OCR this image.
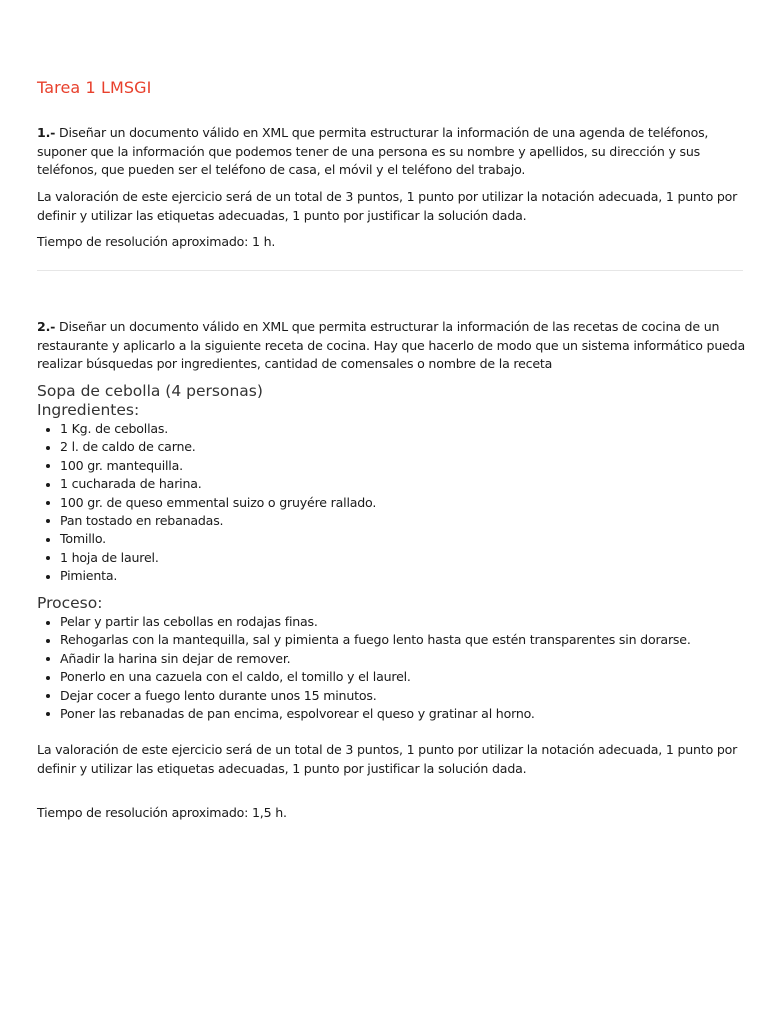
Tarea 1 LMSGI

1.- Diseñar un documento válido en XML que permita estructurar la información de una agenda de teléfonos, suponer que la información que podemos tener de una persona es su nombre y apellidos, su dirección y sus teléfonos, que pueden ser el teléfono de casa, el móvil y el teléfono del trabajo.

La valoración de este ejercicio será de un total de 3 puntos, 1 punto por utilizar la notación adecuada, 1 punto por definir y utilizar las etiquetas adecuadas, 1 punto por justificar la solución dada.

Tiempo de resolución aproximado: 1 h.

2.- Diseñar un documento válido en XML que permita estructurar la información de las recetas de cocina de un restaurante y aplicarlo a la siguiente receta de cocina. Hay que hacerlo de modo que un sistema informático pueda realizar búsquedas por ingredientes, cantidad de comensales o nombre de la receta

Sopa de cebolla (4 personas)
Ingredientes:
1 Kg. de cebollas.
2 l. de caldo de carne.
100 gr. mantequilla.
1 cucharada de harina.
100 gr. de queso emmental suizo o gruyére rallado.
Pan tostado en rebanadas.
Tomillo.
1 hoja de laurel.
Pimienta.
Proceso:
Pelar y partir las cebollas en rodajas finas.
Rehogarlas con la mantequilla, sal y pimienta a fuego lento hasta que estén transparentes sin dorarse.
Añadir la harina sin dejar de remover.
Ponerlo en una cazuela con el caldo, el tomillo y el laurel.
Dejar cocer a fuego lento durante unos 15 minutos.
Poner las rebanadas de pan encima, espolvorear el queso y gratinar al horno.

La valoración de este ejercicio será de un total de 3 puntos, 1 punto por utilizar la notación adecuada, 1 punto por definir y utilizar las etiquetas adecuadas, 1 punto por justificar la solución dada.

Tiempo de resolución aproximado: 1,5 h.
